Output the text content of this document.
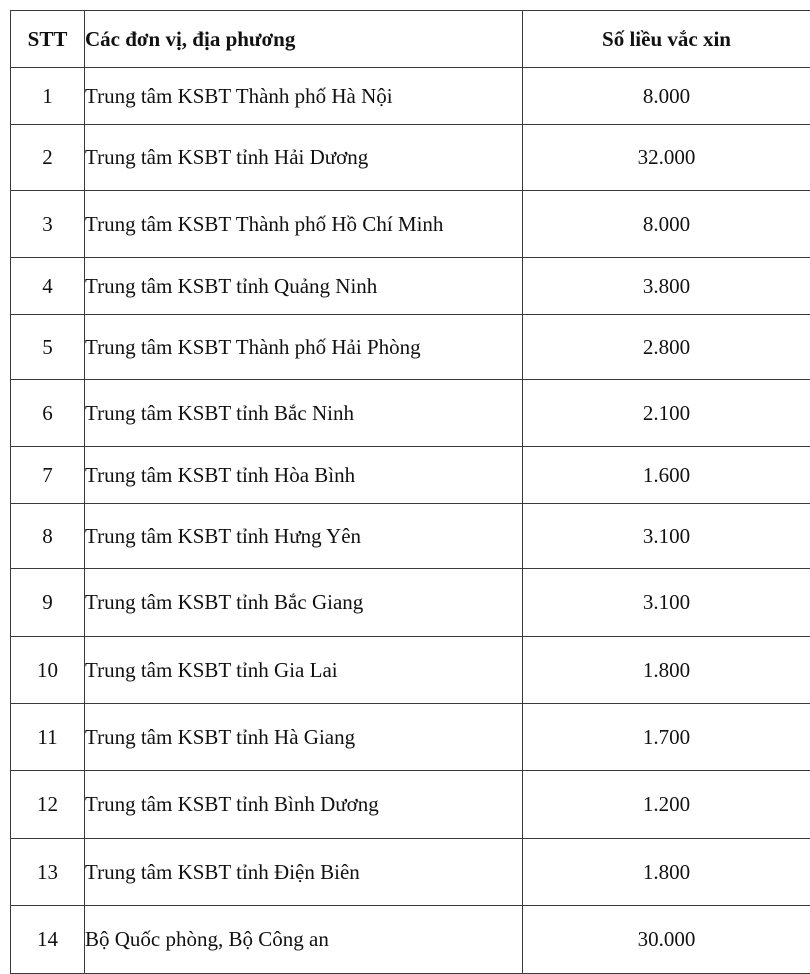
STT	Các đơn vị, địa phương	Số liều vắc xin
1	Trung tâm KSBT Thành phố Hà Nội	8.000
2	Trung tâm KSBT tỉnh Hải Dương	32.000
3	Trung tâm KSBT Thành phố Hồ Chí Minh	8.000
4	Trung tâm KSBT tỉnh Quảng Ninh	3.800
5	Trung tâm KSBT Thành phố Hải Phòng	2.800
6	Trung tâm KSBT tỉnh Bắc Ninh	2.100
7	Trung tâm KSBT tỉnh Hòa Bình	1.600
8	Trung tâm KSBT tỉnh Hưng Yên	3.100
9	Trung tâm KSBT tỉnh Bắc Giang	3.100
10	Trung tâm KSBT tỉnh Gia Lai	1.800
11	Trung tâm KSBT tỉnh Hà Giang	1.700
12	Trung tâm KSBT tỉnh Bình Dương	1.200
13	Trung tâm KSBT tỉnh Điện Biên	1.800
14	Bộ Quốc phòng, Bộ Công an	30.000
